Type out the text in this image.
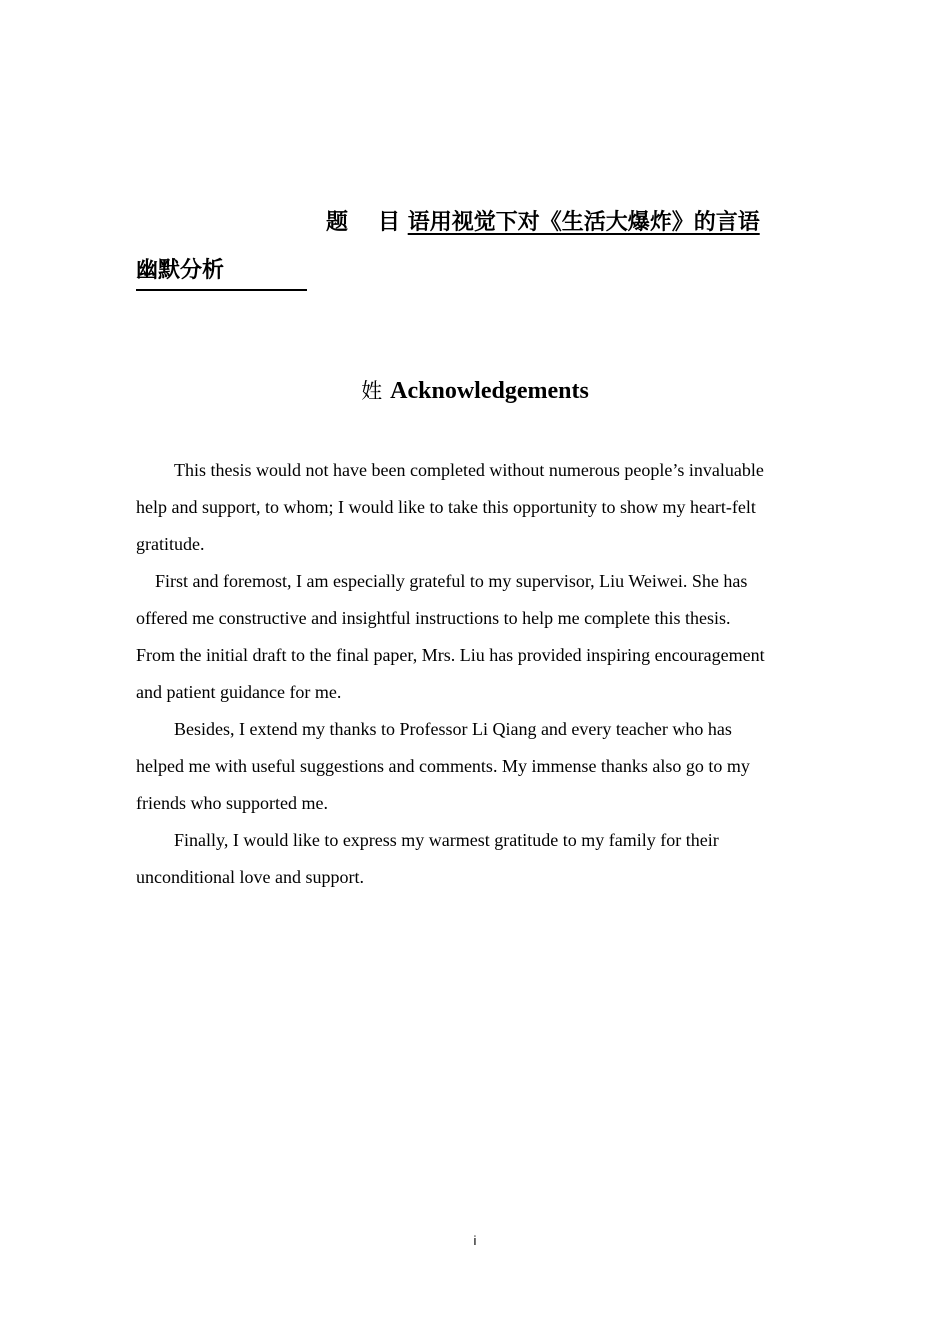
题 目 语用视觉下对《生活大爆炸》的言语
幽默分析
姓 Acknowledgements
This thesis would not have been completed without numerous people’s invaluable
help and support, to whom; I would like to take this opportunity to show my heart-felt
gratitude.
First and foremost, I am especially grateful to my supervisor, Liu Weiwei. She has
offered me constructive and insightful instructions to help me complete this thesis.
From the initial draft to the final paper, Mrs. Liu has provided inspiring encouragement
and patient guidance for me.
Besides, I extend my thanks to Professor Li Qiang and every teacher who has
helped me with useful suggestions and comments. My immense thanks also go to my
friends who supported me.
Finally, I would like to express my warmest gratitude to my family for their
unconditional love and support.
i
